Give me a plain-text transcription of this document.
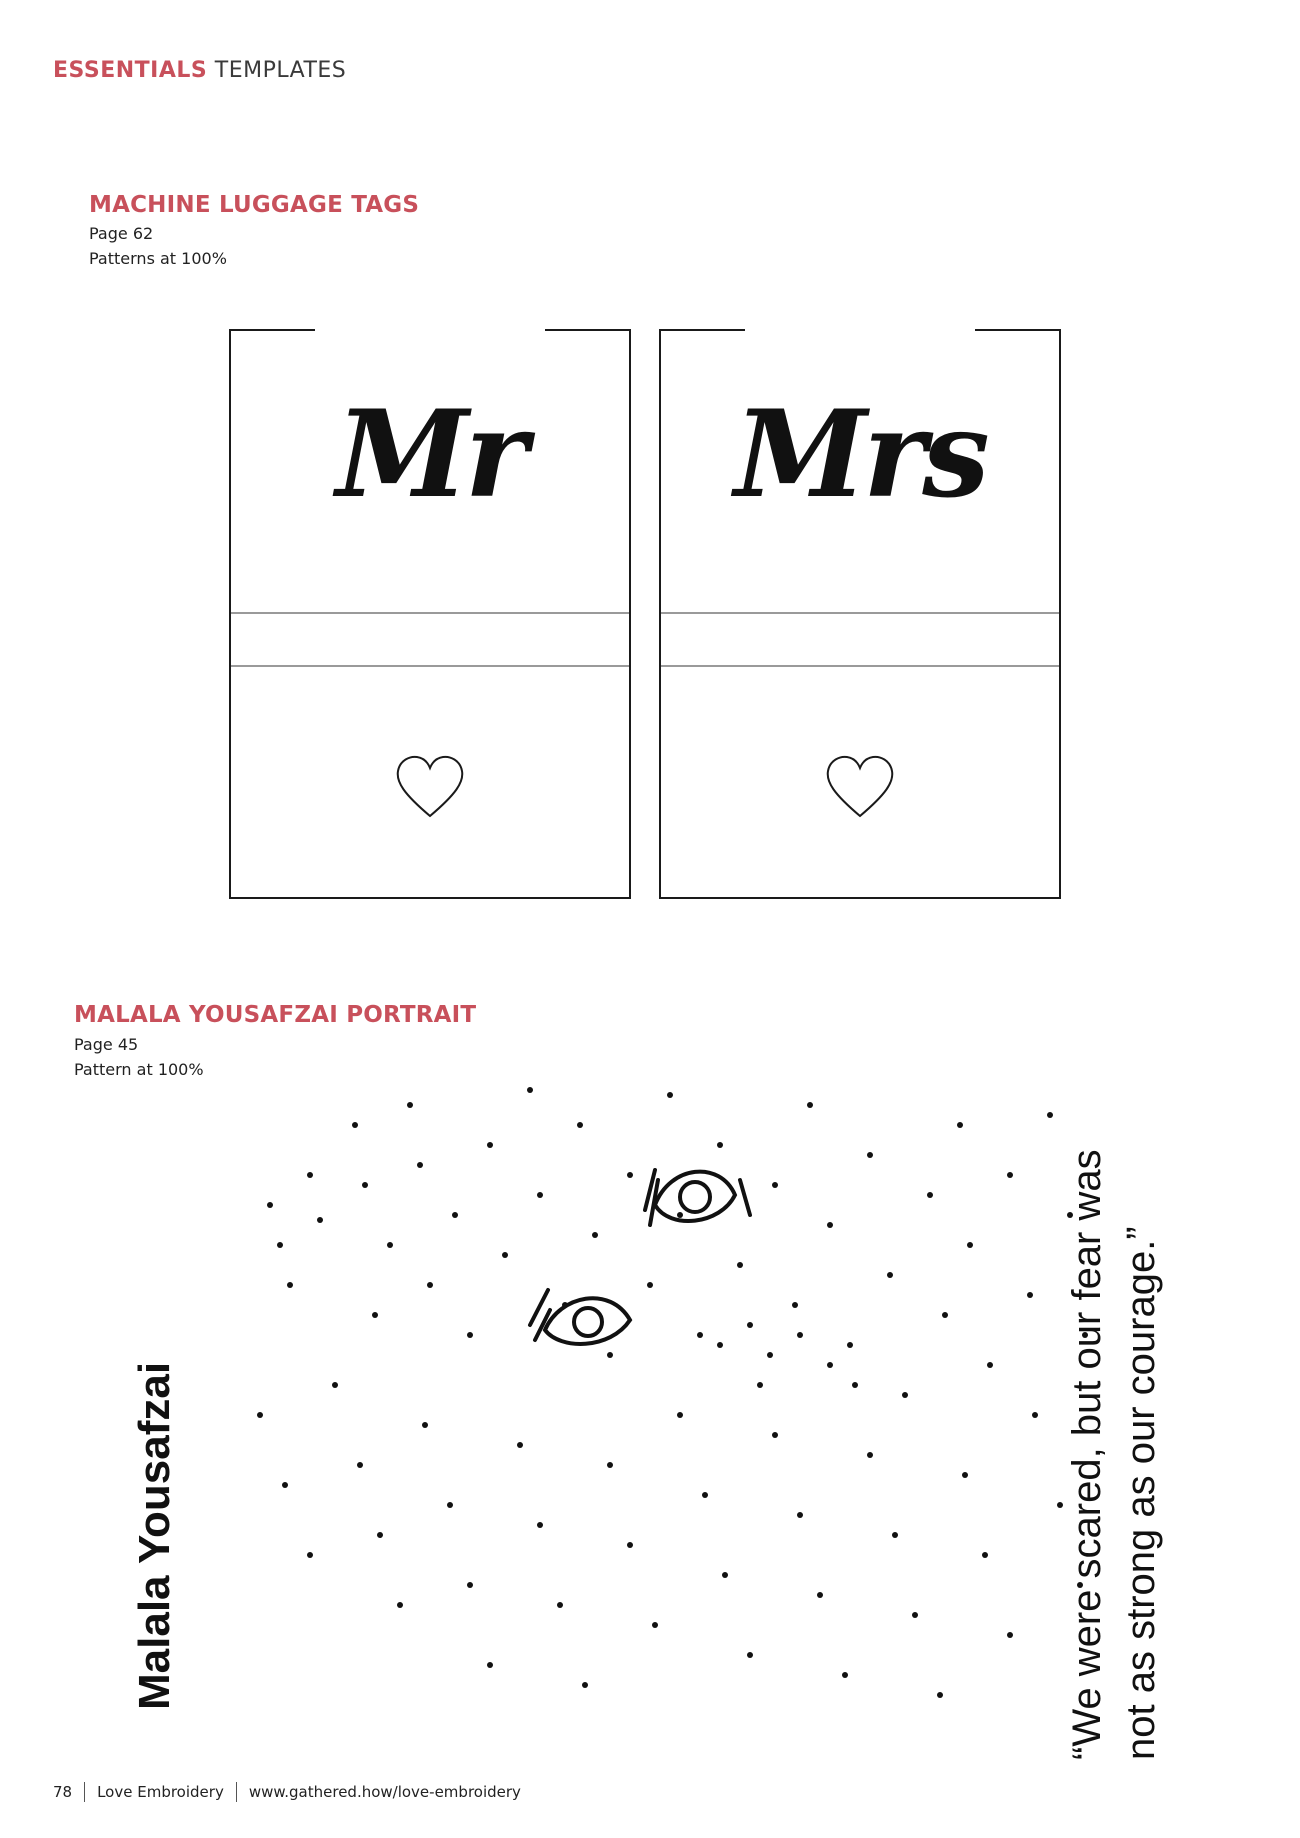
ESSENTIALS TEMPLATES
MACHINE LUGGAGE TAGS
Page 62
Patterns at 100%
Mr	Mrs
MALALA YOUSAFZAI PORTRAIT
Page 45
Pattern at 100%
Malala Yousafzai	“We were scared, but our fear was not as strong as our courage.”
78 Love Embroidery www.gathered.how/love-embroidery
